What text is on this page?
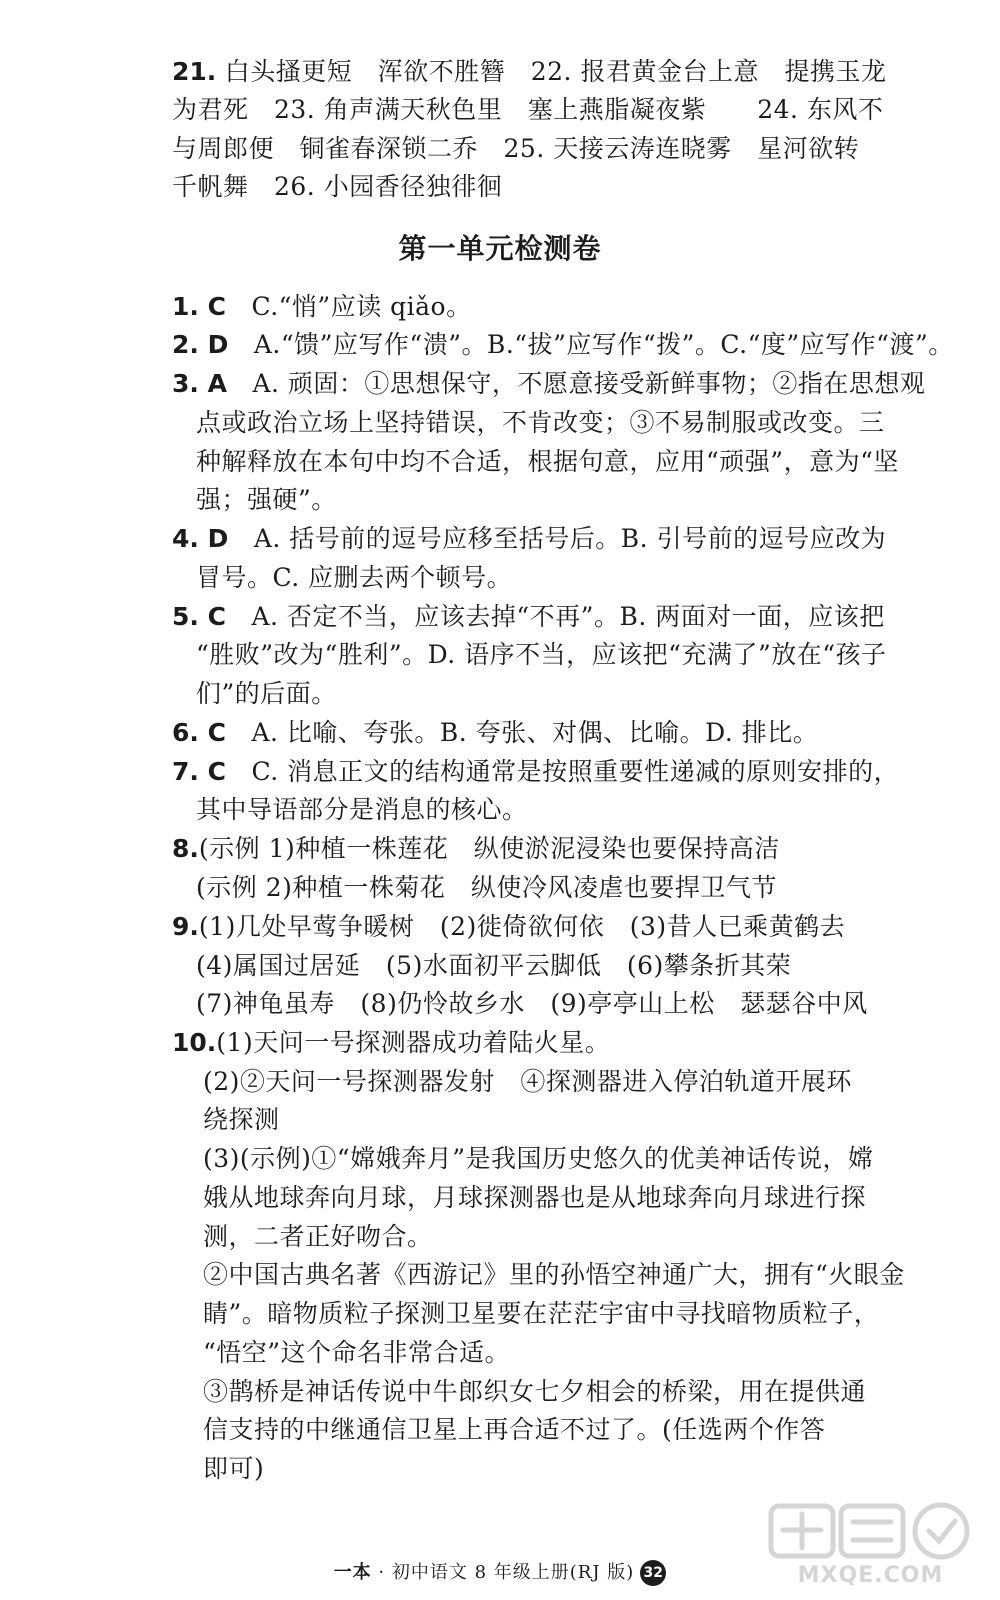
21. 白头搔更短　浑欲不胜簪　22. 报君黄金台上意　提携玉龙
为君死　23. 角声满天秋色里　塞上燕脂凝夜紫　　24. 东风不
与周郎便　铜雀春深锁二乔　25. 天接云涛连晓雾　星河欲转
千帆舞　26. 小园香径独徘徊
1. C　C.“悄”应读 qiǎo。
2. D　A.“馈”应写作“溃”。B.“拔”应写作“拨”。C.“度”应写作“渡”。
3. A　A. 顽固：①思想保守，不愿意接受新鲜事物；②指在思想观
点或政治立场上坚持错误，不肯改变；③不易制服或改变。三
种解释放在本句中均不合适，根据句意，应用“顽强”，意为“坚
强；强硬”。
4. D　A. 括号前的逗号应移至括号后。B. 引号前的逗号应改为
冒号。C. 应删去两个顿号。
5. C　A. 否定不当，应该去掉“不再”。B. 两面对一面，应该把
“胜败”改为“胜利”。D. 语序不当，应该把“充满了”放在“孩子
们”的后面。
6. C　A. 比喻、夸张。B. 夸张、对偶、比喻。D. 排比。
7. C　C. 消息正文的结构通常是按照重要性递减的原则安排的，
其中导语部分是消息的核心。
8.(示例 1)种植一株莲花　纵使淤泥浸染也要保持高洁
(示例 2)种植一株菊花　纵使冷风凌虐也要捍卫气节
9.(1)几处早莺争暖树　(2)徙倚欲何依　(3)昔人已乘黄鹤去
(4)属国过居延　(5)水面初平云脚低　(6)攀条折其荣
(7)神龟虽寿　(8)仍怜故乡水　(9)亭亭山上松　瑟瑟谷中风
10.(1)天问一号探测器成功着陆火星。
(2)②天问一号探测器发射　④探测器进入停泊轨道开展环
绕探测
(3)(示例)①“嫦娥奔月”是我国历史悠久的优美神话传说，嫦
娥从地球奔向月球，月球探测器也是从地球奔向月球进行探
测，二者正好吻合。
②中国古典名著《西游记》里的孙悟空神通广大，拥有“火眼金
睛”。暗物质粒子探测卫星要在茫茫宇宙中寻找暗物质粒子，
“悟空”这个命名非常合适。
③鹊桥是神话传说中牛郎织女七夕相会的桥梁，用在提供通
信支持的中继通信卫星上再合适不过了。(任选两个作答
即可)
第一单元检测卷
一本 · 初中语文 8 年级上册(RJ 版) 32	MXQE.COM
